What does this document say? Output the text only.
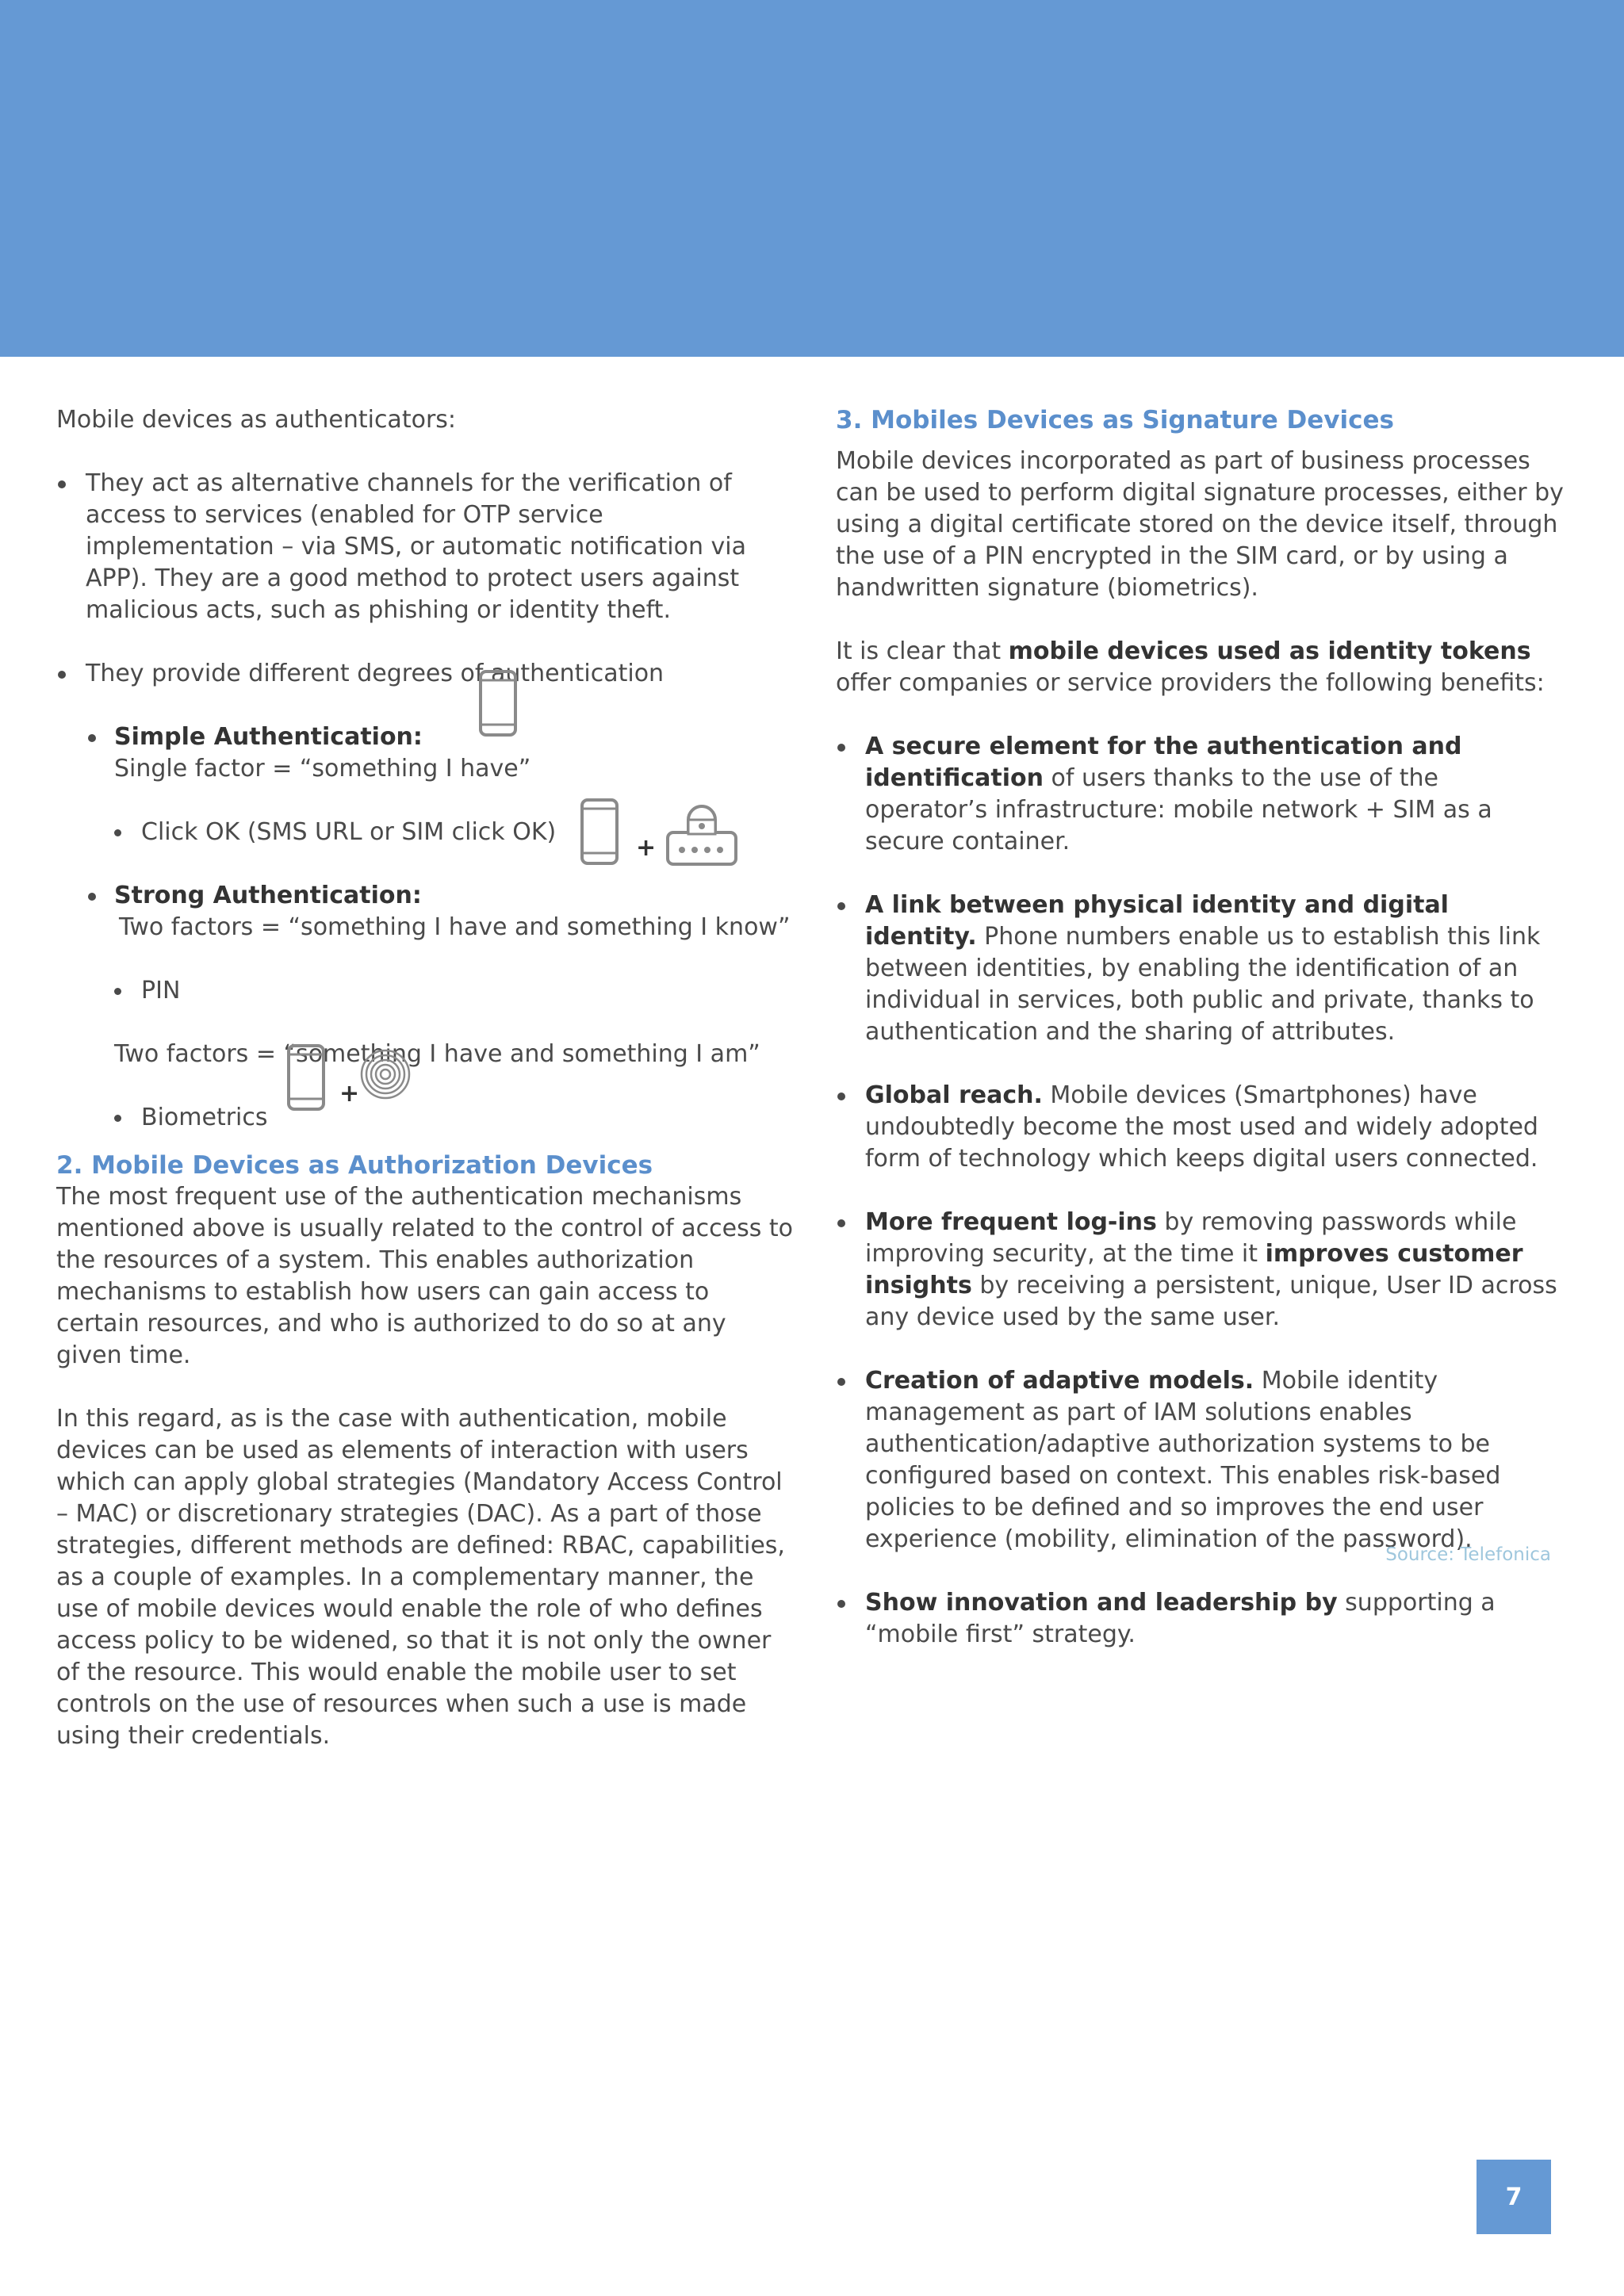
Mobile devices as authenticators:

They act as alternative channels for the verification of access to services (enabled for OTP service implementation – via SMS, or automatic notification via APP). They are a good method to protect users against malicious acts, such as phishing or identity theft.
They provide different degrees of authentication
Simple Authentication:
Single factor = “something I have”
Click OK (SMS URL or SIM click OK)
Strong Authentication:
Two factors = “something I have and something I know”
PIN

Two factors = “something I have and something I am”

Biometrics
2. Mobile Devices as Authorization Devices

The most frequent use of the authentication mechanisms mentioned above is usually related to the control of access to the resources of a system. This enables authorization mechanisms to establish how users can gain access to certain resources, and who is authorized to do so at any given time.

In this regard, as is the case with authentication, mobile devices can be used as elements of interaction with users which can apply global strategies (Mandatory Access Control – MAC) or discretionary strategies (DAC). As a part of those strategies, different methods are defined: RBAC, capabilities, as a couple of examples. In a complementary manner, the use of mobile devices would enable the role of who defines access policy to be widened, so that it is not only the owner of the resource. This would enable the mobile user to set controls on the use of resources when such a use is made using their credentials.

+
+
3. Mobiles Devices as Signature Devices

Mobile devices incorporated as part of business processes can be used to perform digital signature processes, either by using a digital certificate stored on the device itself, through the use of a PIN encrypted in the SIM card, or by using a handwritten signature (biometrics).

It is clear that mobile devices used as identity tokens offer companies or service providers the following benefits:

A secure element for the authentication and identification of users thanks to the use of the operator’s infrastructure: mobile network + SIM as a secure container.
A link between physical identity and digital identity. Phone numbers enable us to establish this link between identities, by enabling the identification of an individual in services, both public and private, thanks to authentication and the sharing of attributes.
Global reach. Mobile devices (Smartphones) have undoubtedly become the most used and widely adopted form of technology which keeps digital users connected.
More frequent log-ins by removing passwords while improving security, at the time it improves customer insights by receiving a persistent, unique, User ID across any device used by the same user.
Creation of adaptive models. Mobile identity management as part of IAM solutions enables authentication/adaptive authorization systems to be configured based on context. This enables risk-based policies to be defined and so improves the end user experience (mobility, elimination of the password).
Show innovation and leadership by supporting a “mobile first” strategy.
Source: Telefonica
7
